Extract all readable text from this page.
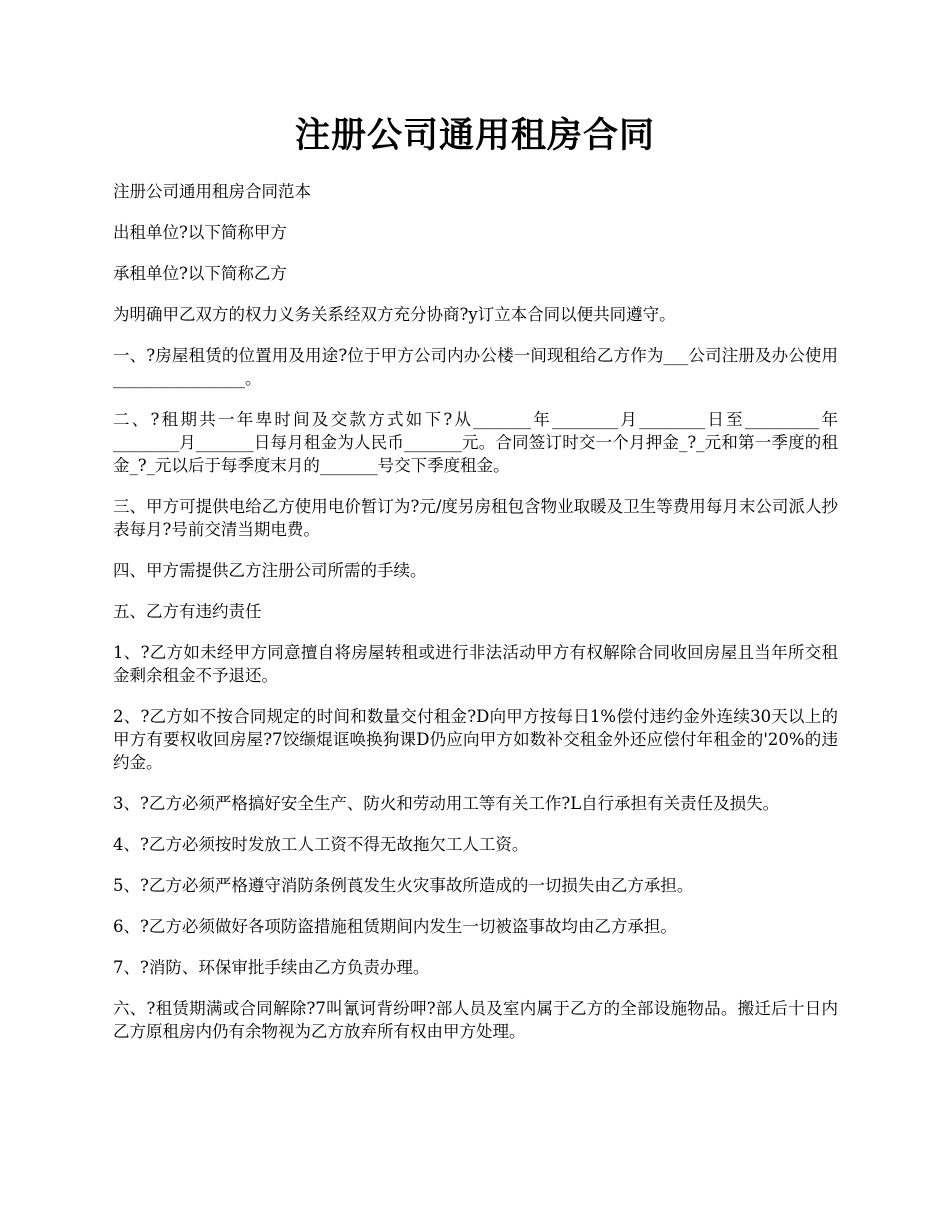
注册公司通用租房合同

注册公司通用租房合同范本

出租单位?以下简称甲方

承租单位?以下简称乙方

为明确甲乙双方的权力义务关系经双方充分协商?y订立本合同以便共同遵守。

一、?房屋租赁的位置用及用途?位于甲方公司内办公楼一间现租给乙方作为___公司注册及办公使用________________。

二、?租期共一年卑时间及交款方式如下?从_______年________月________日至_________年________月_______日每月租金为人民币_______元。合同签订时交一个月押金_?_元和第一季度的租金_?_元以后于每季度末月的_______号交下季度租金。

三、甲方可提供电给乙方使用电价暂订为?元/度另房租包含物业取暖及卫生等费用每月末公司派人抄表每月?号前交清当期电费。

四、甲方需提供乙方注册公司所需的手续。

五、乙方有违约责任

1、?乙方如未经甲方同意擅自将房屋转租或进行非法活动甲方有权解除合同收回房屋且当年所交租金剩余租金不予退还。

2、?乙方如不按合同规定的时间和数量交付租金?D向甲方按每日1%偿付违约金外连续30天以上的甲方有要权收回房屋?7饺缬焜诓唤换狗课D仍应向甲方如数补交租金外还应偿付年租金的'20%的违约金。

3、?乙方必须严格搞好安全生产、防火和劳动用工等有关工作?L自行承担有关责任及损失。

4、?乙方必须按时发放工人工资不得无故拖欠工人工资。

5、?乙方必须严格遵守消防条例莨发生火灾事故所造成的一切损失由乙方承担。

6、?乙方必须做好各项防盗措施租赁期间内发生一切被盗事故均由乙方承担。

7、?消防、环保审批手续由乙方负责办理。

六、?租赁期满或合同解除?7叫氰诃背纷呷?部人员及室内属于乙方的全部设施物品。搬迁后十日内乙方原租房内仍有余物视为乙方放弃所有权由甲方处理。
